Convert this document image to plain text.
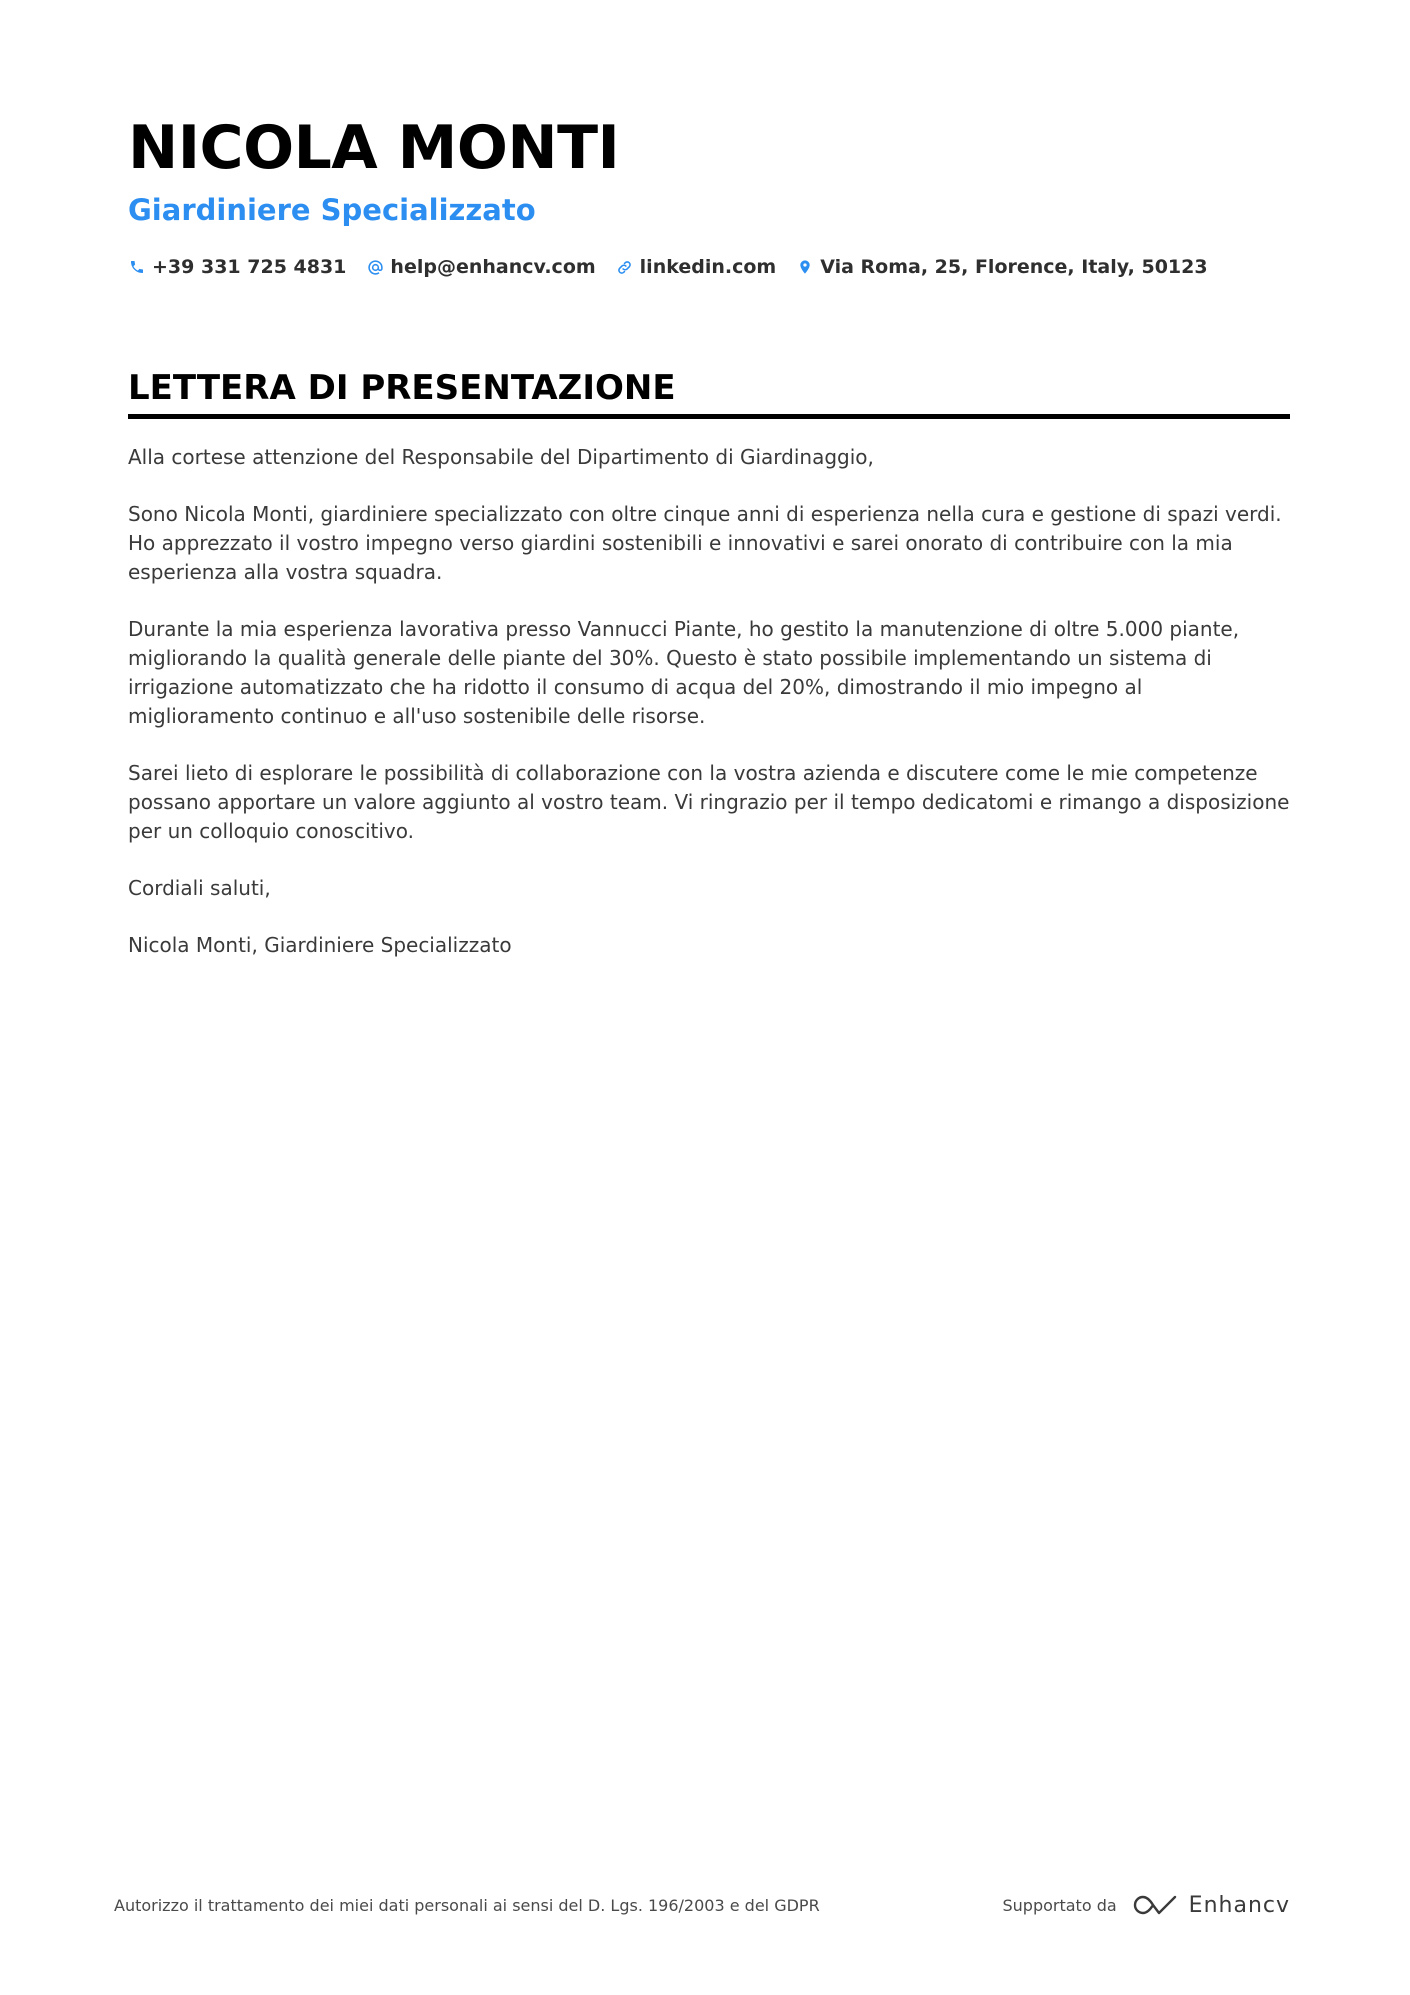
NICOLA MONTI
Giardiniere Specializzato
+39 331 725 4831 help@enhancv.com linkedin.com Via Roma, 25, Florence, Italy, 50123
LETTERA DI PRESENTAZIONE

Alla cortese attenzione del Responsabile del Dipartimento di Giardinaggio,

Sono Nicola Monti, giardiniere specializzato con oltre cinque anni di esperienza nella cura e gestione di spazi verdi. Ho apprezzato il vostro impegno verso giardini sostenibili e innovativi e sarei onorato di contribuire con la mia esperienza alla vostra squadra.

Durante la mia esperienza lavorativa presso Vannucci Piante, ho gestito la manutenzione di oltre 5.000 piante, migliorando la qualità generale delle piante del 30%. Questo è stato possibile implementando un sistema di irrigazione automatizzato che ha ridotto il consumo di acqua del 20%, dimostrando il mio impegno al miglioramento continuo e all'uso sostenibile delle risorse.

Sarei lieto di esplorare le possibilità di collaborazione con la vostra azienda e discutere come le mie competenze possano apportare un valore aggiunto al vostro team. Vi ringrazio per il tempo dedicatomi e rimango a disposizione per un colloquio conoscitivo.

Cordiali saluti,

Nicola Monti, Giardiniere Specializzato

Autorizzo il trattamento dei miei dati personali ai sensi del D. Lgs. 196/2003 e del GDPR	Supportato da	Enhancv
